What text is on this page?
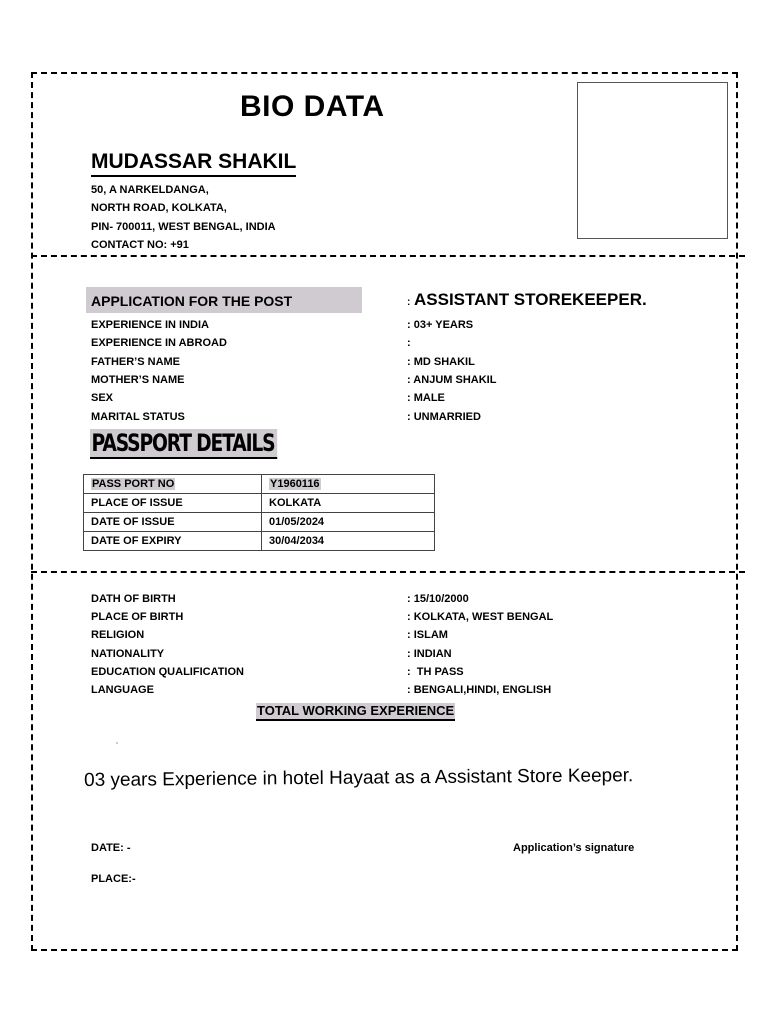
BIO DATA
MUDASSAR SHAKIL
50, A NARKELDANGA,
NORTH ROAD, KOLKATA,
PIN- 700011, WEST BENGAL, INDIA
CONTACT NO: +91
APPLICATION FOR THE POST	: ASSISTANT STOREKEEPER.
EXPERIENCE IN INDIA	: 03+ YEARS
EXPERIENCE IN ABROAD	:
FATHER’S NAME	: MD SHAKIL
MOTHER’S NAME	: ANJUM SHAKIL
SEX	: MALE
MARITAL STATUS	: UNMARRIED
PASSPORT DETAILS
PASS PORT NO	Y1960116
PLACE OF ISSUE	KOLKATA
DATE OF ISSUE	01/05/2024
DATE OF EXPIRY	30/04/2034
DATH OF BIRTH	: 15/10/2000
PLACE OF BIRTH	: KOLKATA, WEST BENGAL
RELIGION	: ISLAM
NATIONALITY	: INDIAN
EDUCATION QUALIFICATION	:  TH PASS
LANGUAGE	: BENGALI,HINDI, ENGLISH
TOTAL WORKING EXPERIENCE
03 years Experience in hotel Hayaat as a Assistant Store Keeper.
DATE: -	Application’s signature
PLACE:-
